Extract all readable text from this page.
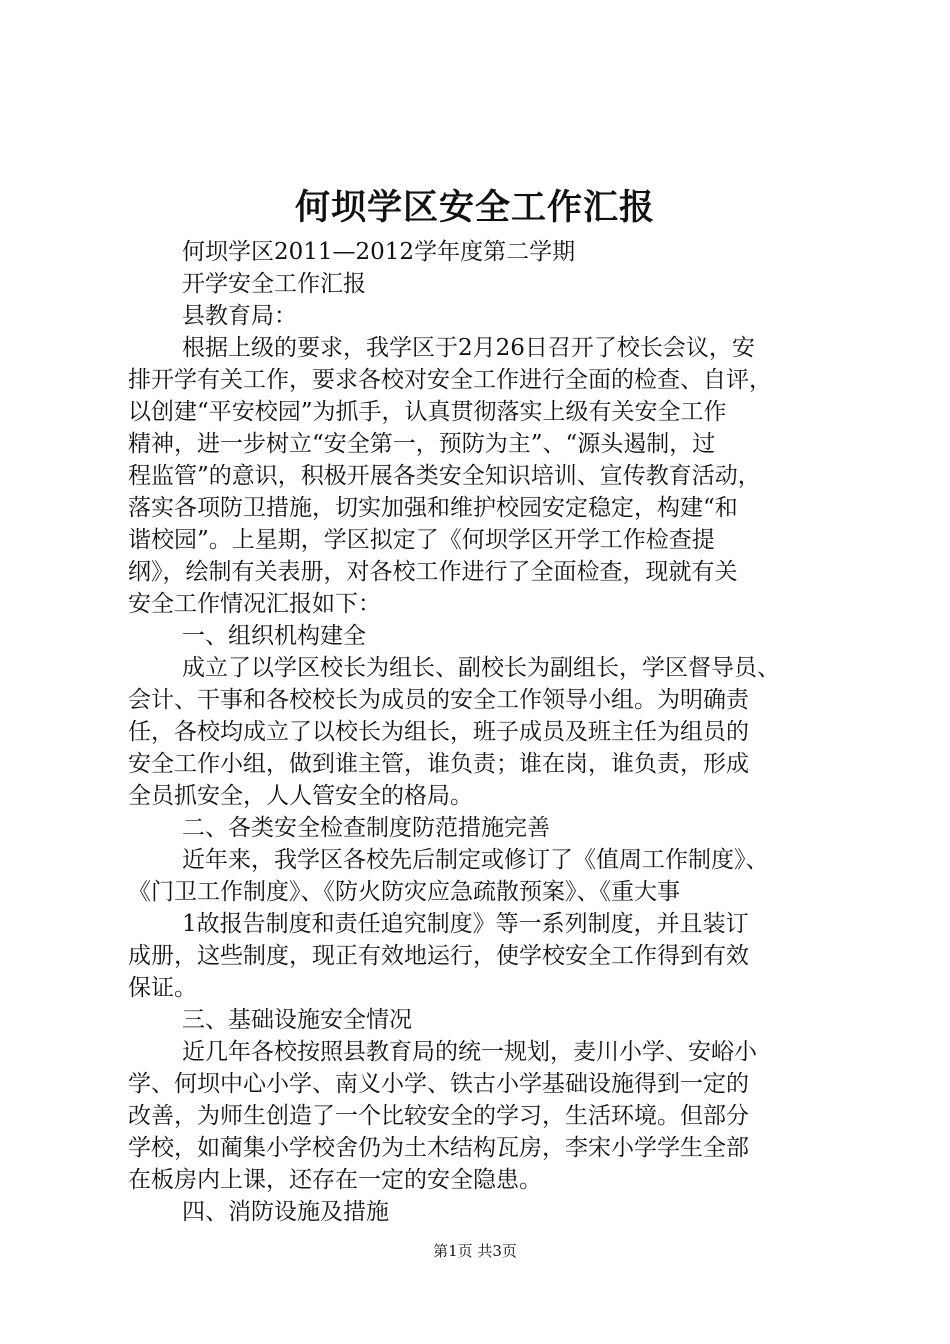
何坝学区安全工作汇报
何坝学区2011—2012学年度第二学期
开学安全工作汇报
县教育局：
根据上级的要求，我学区于2月26日召开了校长会议，安
排开学有关工作，要求各校对安全工作进行全面的检查、自评，
以创建“平安校园”为抓手，认真贯彻落实上级有关安全工作
精神，进一步树立“安全第一，预防为主”、“源头遏制，过
程监管”的意识，积极开展各类安全知识培训、宣传教育活动，
落实各项防卫措施，切实加强和维护校园安定稳定，构建“和
谐校园”。上星期，学区拟定了《何坝学区开学工作检查提
纲》，绘制有关表册，对各校工作进行了全面检查，现就有关
安全工作情况汇报如下：
一、组织机构建全
成立了以学区校长为组长、副校长为副组长，学区督导员、
会计、干事和各校校长为成员的安全工作领导小组。为明确责
任，各校均成立了以校长为组长，班子成员及班主任为组员的
安全工作小组，做到谁主管，谁负责；谁在岗，谁负责，形成
全员抓安全，人人管安全的格局。
二、各类安全检查制度防范措施完善
近年来，我学区各校先后制定或修订了《值周工作制度》、
《门卫工作制度》、《防火防灾应急疏散预案》、《重大事
1故报告制度和责任追究制度》等一系列制度，并且装订
成册，这些制度，现正有效地运行，使学校安全工作得到有效
保证。
三、基础设施安全情况
近几年各校按照县教育局的统一规划，麦川小学、安峪小
学、何坝中心小学、南义小学、铁古小学基础设施得到一定的
改善，为师生创造了一个比较安全的学习，生活环境。但部分
学校，如蔺集小学校舍仍为土木结构瓦房，李宋小学学生全部
在板房内上课，还存在一定的安全隐患。
四、消防设施及措施
第1页 共3页
